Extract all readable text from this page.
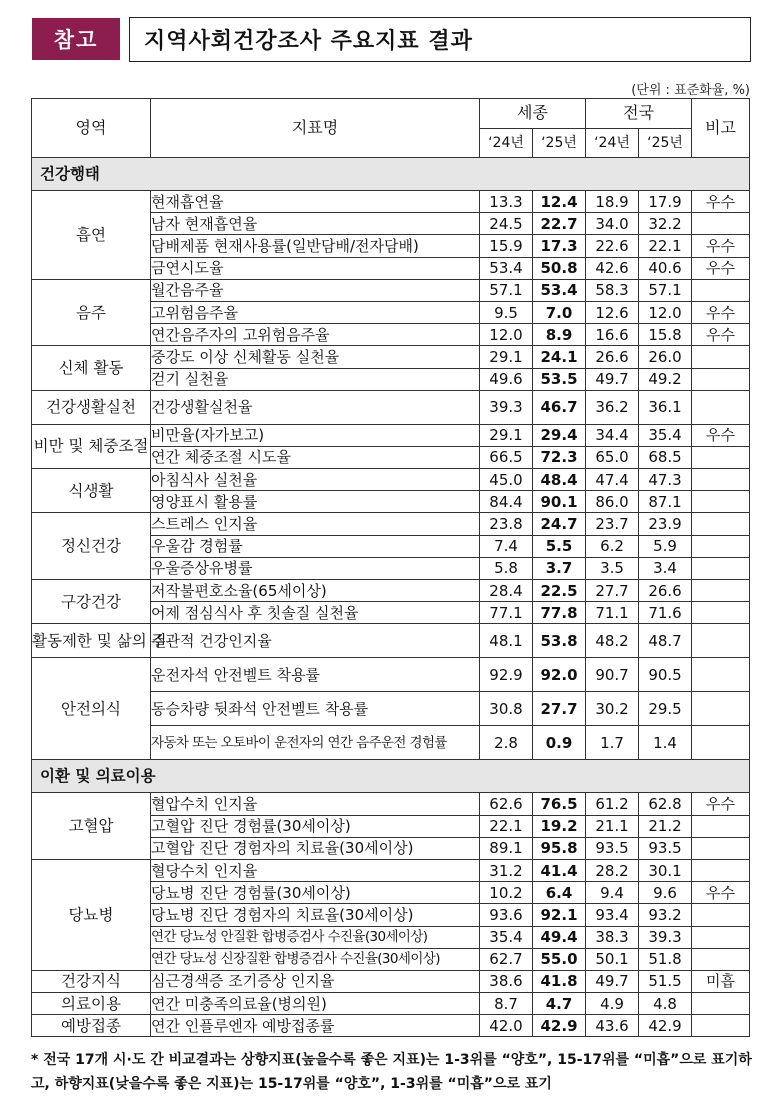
참고	지역사회건강조사 주요지표 결과
(단위 : 표준화율, %)
영역	지표명	세종		전국		비고
		‘24년	‘25년	‘24년	‘25년	
건강행태						
흡연	현재흡연율	13.3	12.4	18.9	17.9	우수
	남자 현재흡연율	24.5	22.7	34.0	32.2	
	담배제품 현재사용률(일반담배/전자담배)	15.9	17.3	22.6	22.1	우수
	금연시도율	53.4	50.8	42.6	40.6	우수
음주	월간음주율	57.1	53.4	58.3	57.1	
	고위험음주율	9.5	7.0	12.6	12.0	우수
	연간음주자의 고위험음주율	12.0	8.9	16.6	15.8	우수
신체 활동	중강도 이상 신체활동 실천율	29.1	24.1	26.6	26.0	
	걷기 실천율	49.6	53.5	49.7	49.2	
건강생활실천	건강생활실천율	39.3	46.7	36.2	36.1	
비만 및 체중조절	비만율(자가보고)	29.1	29.4	34.4	35.4	우수
	연간 체중조절 시도율	66.5	72.3	65.0	68.5	
식생활	아침식사 실천율	45.0	48.4	47.4	47.3	
	영양표시 활용률	84.4	90.1	86.0	87.1	
정신건강	스트레스 인지율	23.8	24.7	23.7	23.9	
	우울감 경험률	7.4	5.5	6.2	5.9	
	우울증상유병률	5.8	3.7	3.5	3.4	
구강건강	저작불편호소율(65세이상)	28.4	22.5	27.7	26.6	
	어제 점심식사 후 칫솔질 실천율	77.1	77.8	71.1	71.6	
활동제한 및 삶의 질	주관적 건강인지율	48.1	53.8	48.2	48.7	
안전의식	운전자석 안전벨트 착용률	92.9	92.0	90.7	90.5	
	동승차량 뒷좌석 안전벨트 착용률	30.8	27.7	30.2	29.5	
	자동차 또는 오토바이 운전자의 연간 음주운전 경험률	2.8	0.9	1.7	1.4	
이환 및 의료이용						
고혈압	혈압수치 인지율	62.6	76.5	61.2	62.8	우수
	고혈압 진단 경험률(30세이상)	22.1	19.2	21.1	21.2	
	고혈압 진단 경험자의 치료율(30세이상)	89.1	95.8	93.5	93.5	
당뇨병	혈당수치 인지율	31.2	41.4	28.2	30.1	
	당뇨병 진단 경험률(30세이상)	10.2	6.4	9.4	9.6	우수
	당뇨병 진단 경험자의 치료율(30세이상)	93.6	92.1	93.4	93.2	
	연간 당뇨성 안질환 합병증검사 수진율(30세이상)	35.4	49.4	38.3	39.3	
	연간 당뇨성 신장질환 합병증검사 수진율(30세이상)	62.7	55.0	50.1	51.8	
건강지식	심근경색증 조기증상 인지율	38.6	41.8	49.7	51.5	미흡
의료이용	연간 미충족의료율(병의원)	8.7	4.7	4.9	4.8	
예방접종	연간 인플루엔자 예방접종률	42.0	42.9	43.6	42.9	
* 전국 17개 시·도 간 비교결과는 상향지표(높을수록 좋은 지표)는 1-3위를 “양호”, 15-17위를 “미흡”으로 표기하고, 하향지표(낮을수록 좋은 지표)는 15-17위를 “양호”, 1-3위를 “미흡”으로 표기
